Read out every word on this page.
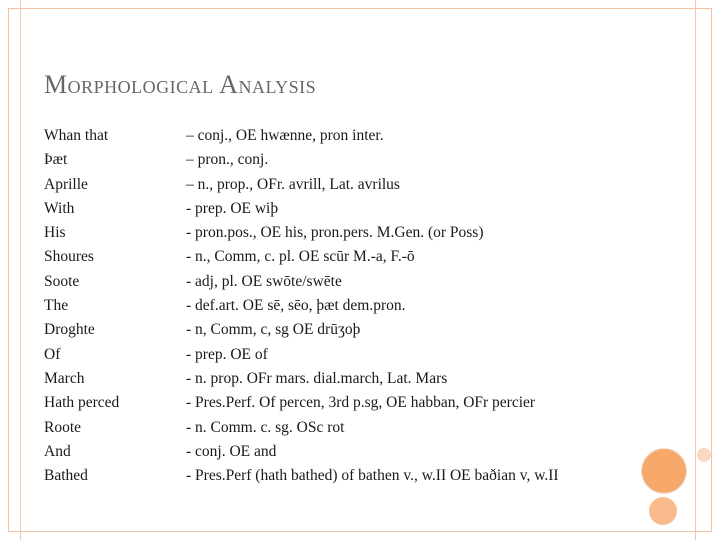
Morphological Analysis
Whan that	– conj., OE hwænne, pron inter.
Þæt	– pron., conj.
Aprille	– n., prop., OFr. avrill, Lat. avrilus
With	- prep. OE wiþ
His	- pron.pos., OE his, pron.pers. M.Gen. (or Poss)
Shoures	- n., Comm, c. pl. OE scūr M.-a, F.-ō
Soote	- adj, pl. OE swōte/swēte
The	- def.art. OE sē, sēo, þæt dem.pron.
Droghte	- n, Comm, c, sg OE drūʒoþ
Of	- prep. OE of
March	- n. prop. OFr mars. dial.march, Lat. Mars
Hath perced	- Pres.Perf. Of percen, 3rd p.sg, OE habban, OFr percier
Roote	- n. Comm. c. sg. OSc rot
And	- conj. OE and
Bathed	- Pres.Perf (hath bathed) of bathen v., w.II OE baðian v, w.II
